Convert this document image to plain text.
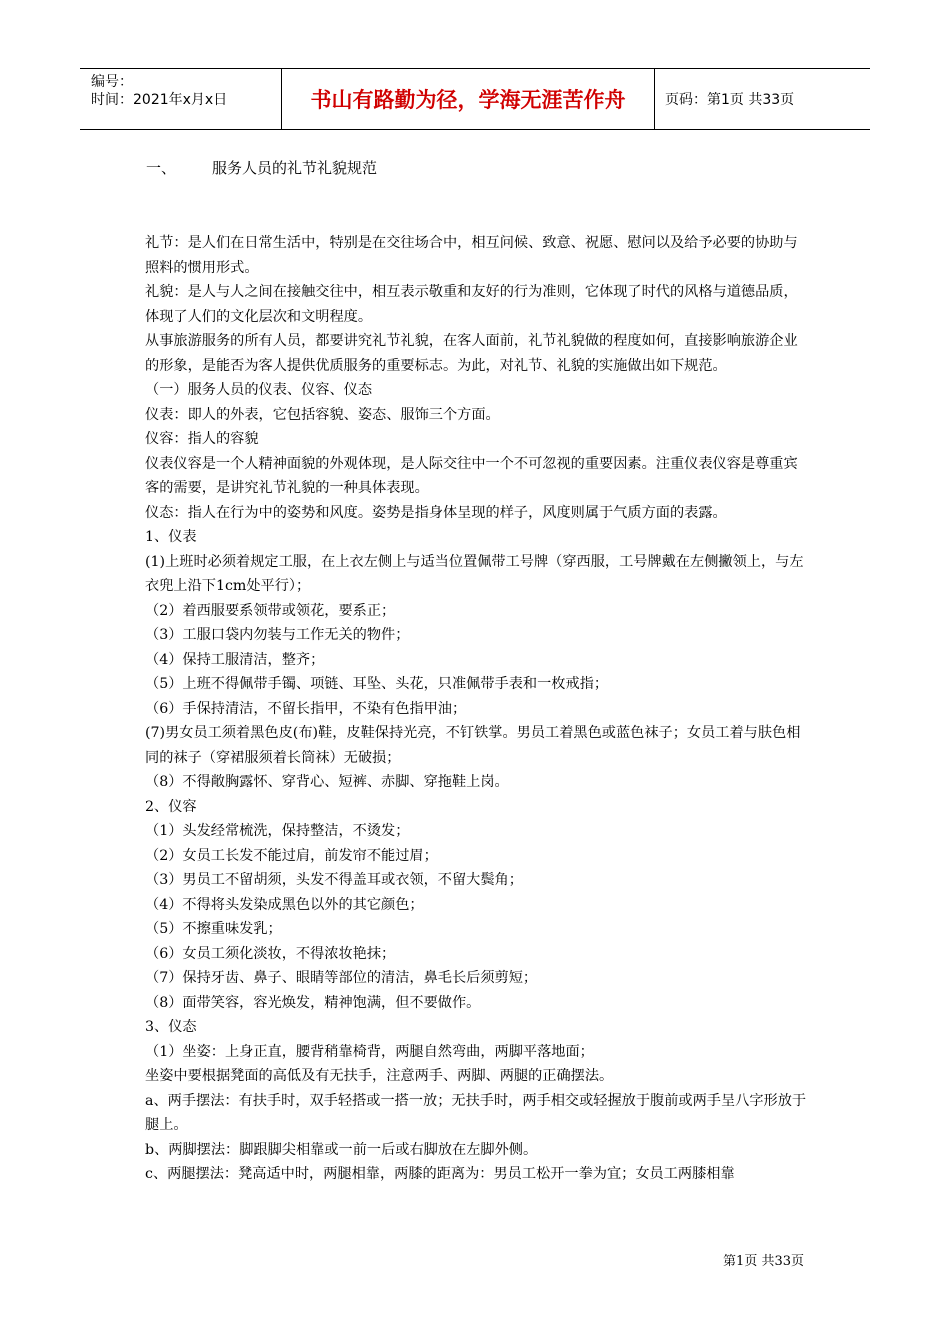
编号：
时间：2021年x月x日	书山有路勤为径，学海无涯苦作舟	页码：第1页 共33页
一、 服务人员的礼节礼貌规范

礼节：是人们在日常生活中，特别是在交往场合中，相互问候、致意、祝愿、慰问以及给予必要的协助与照料的惯用形式。

礼貌：是人与人之间在接触交往中，相互表示敬重和友好的行为准则，它体现了时代的风格与道德品质，体现了人们的文化层次和文明程度。

从事旅游服务的所有人员，都要讲究礼节礼貌，在客人面前，礼节礼貌做的程度如何，直接影响旅游企业的形象，是能否为客人提供优质服务的重要标志。为此，对礼节、礼貌的实施做出如下规范。

（一）服务人员的仪表、仪容、仪态

仪表：即人的外表，它包括容貌、姿态、服饰三个方面。

仪容：指人的容貌

仪表仪容是一个人精神面貌的外观体现，是人际交往中一个不可忽视的重要因素。注重仪表仪容是尊重宾客的需要，是讲究礼节礼貌的一种具体表现。

仪态：指人在行为中的姿势和风度。姿势是指身体呈现的样子，风度则属于气质方面的表露。

1、仪表

(1)上班时必须着规定工服，在上衣左侧上与适当位置佩带工号牌（穿西服，工号牌戴在左侧撇领上，与左衣兜上沿下1cm处平行）；

（2）着西服要系领带或领花，要系正；

（3）工服口袋内勿装与工作无关的物件；

（4）保持工服清洁，整齐；

（5）上班不得佩带手镯、项链、耳坠、头花，只准佩带手表和一枚戒指；

（6）手保持清洁，不留长指甲，不染有色指甲油；

(7)男女员工须着黑色皮(布)鞋，皮鞋保持光亮，不钉铁掌。男员工着黑色或蓝色袜子；女员工着与肤色相同的袜子（穿裙服须着长筒袜）无破损；

（8）不得敞胸露怀、穿背心、短裤、赤脚、穿拖鞋上岗。

2、仪容

（1）头发经常梳洗，保持整洁，不烫发；

（2）女员工长发不能过肩，前发帘不能过眉；

（3）男员工不留胡须，头发不得盖耳或衣领，不留大鬓角；

（4）不得将头发染成黑色以外的其它颜色；

（5）不擦重味发乳；

（6）女员工须化淡妆，不得浓妆艳抹；

（7）保持牙齿、鼻子、眼睛等部位的清洁，鼻毛长后须剪短；

（8）面带笑容，容光焕发，精神饱满，但不要做作。

3、仪态

（1）坐姿：上身正直，腰背稍靠椅背，两腿自然弯曲，两脚平落地面；

坐姿中要根据凳面的高低及有无扶手，注意两手、两脚、两腿的正确摆法。

a、两手摆法：有扶手时，双手轻搭或一搭一放；无扶手时，两手相交或轻握放于腹前或两手呈八字形放于腿上。

b、两脚摆法：脚跟脚尖相靠或一前一后或右脚放在左脚外侧。

c、两腿摆法：凳高适中时，两腿相靠，两膝的距离为：男员工松开一拳为宜；女员工两膝相靠

第1页 共33页
